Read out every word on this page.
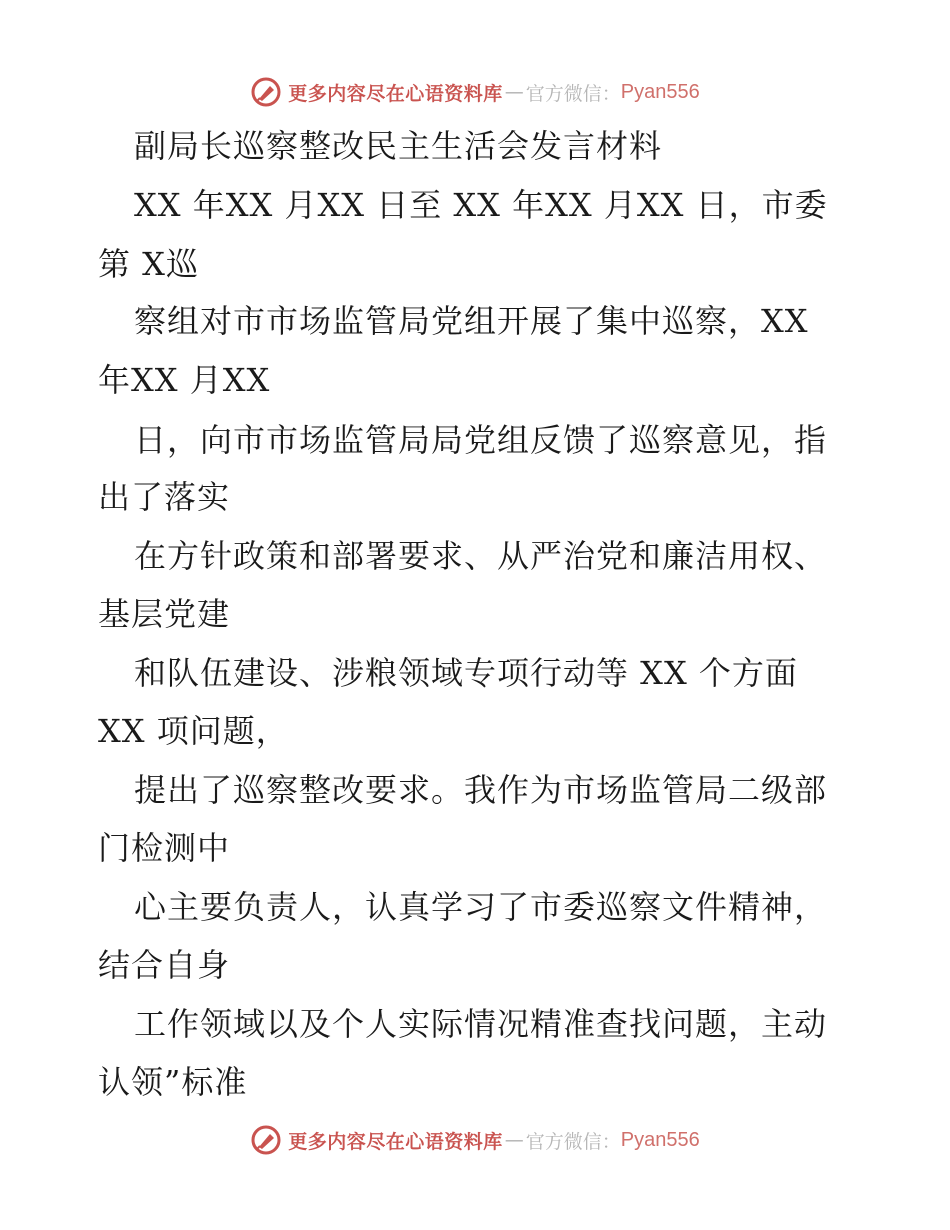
更多内容尽在心语资料库 — 官方微信 ： Pyan556
副局长巡察整改民主生活会发言材料
XX 年XX 月XX 日至 XX 年XX 月XX 日，市委
第 X巡
察组对市市场监管局党组开展了集中巡察，XX
年XX 月XX
日，向市市场监管局局党组反馈了巡察意见，指
出了落实
在方针政策和部署要求、从严治党和廉洁用权、
基层党建
和队伍建设、涉粮领域专项行动等 XX 个方面
XX 项问题，
提出了巡察整改要求。我作为市场监管局二级部
门检测中
心主要负责人，认真学习了市委巡察文件精神，
结合自身
工作领域以及个人实际情况精准查找问题，主动
认领”标准
更多内容尽在心语资料库 — 官方微信 ： Pyan556
